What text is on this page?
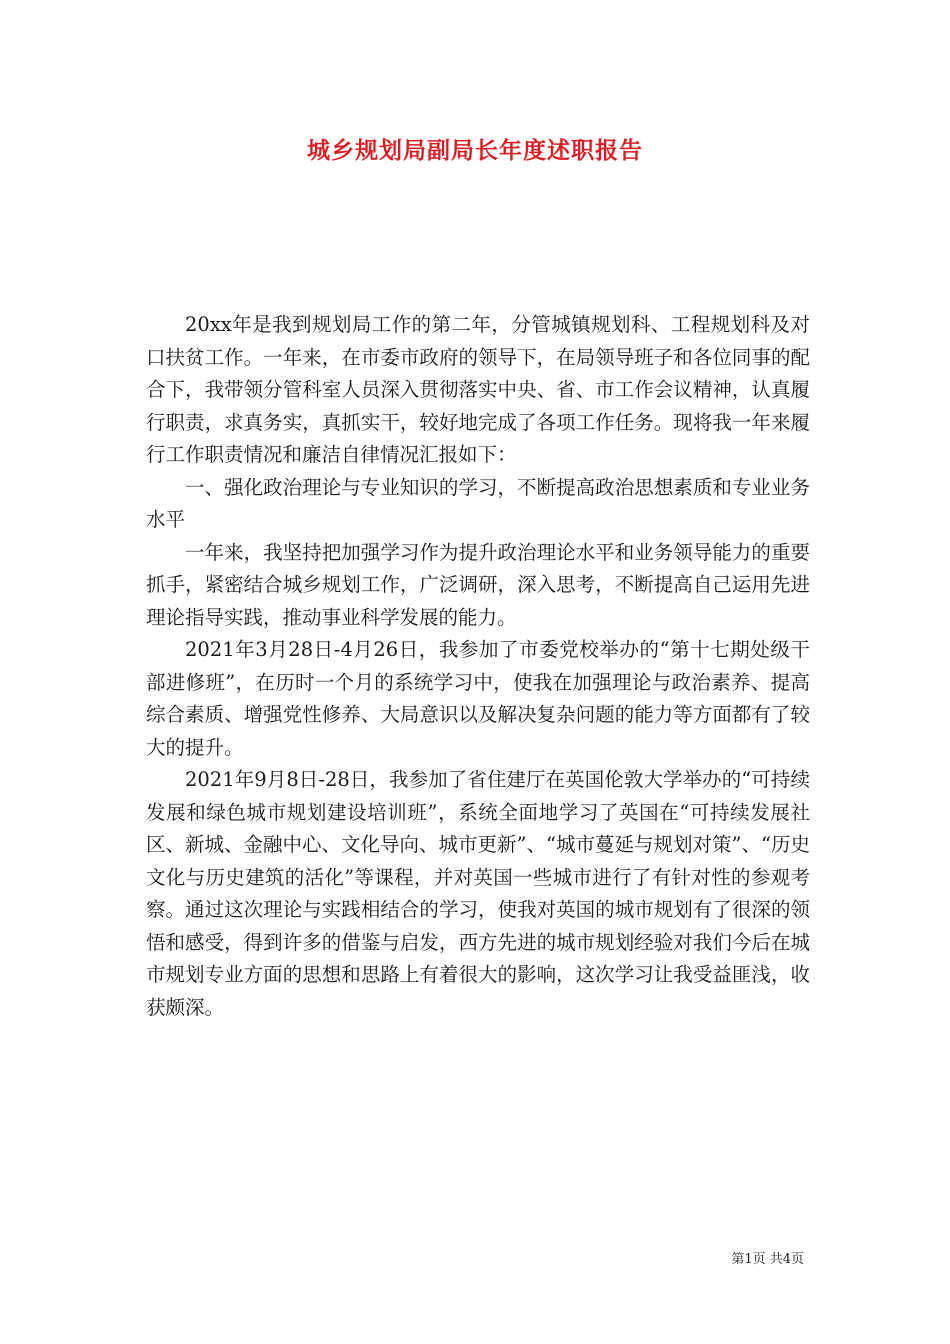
城乡规划局副局长年度述职报告

20xx年是我到规划局工作的第二年，分管城镇规划科、工程规划科及对口扶贫工作。一年来，在市委市政府的领导下，在局领导班子和各位同事的配合下，我带领分管科室人员深入贯彻落实中央、省、市工作会议精神，认真履行职责，求真务实，真抓实干，较好地完成了各项工作任务。现将我一年来履行工作职责情况和廉洁自律情况汇报如下：

一、强化政治理论与专业知识的学习，不断提高政治思想素质和专业业务水平

一年来，我坚持把加强学习作为提升政治理论水平和业务领导能力的重要抓手，紧密结合城乡规划工作，广泛调研，深入思考，不断提高自己运用先进理论指导实践，推动事业科学发展的能力。

2021年3月28日-4月26日，我参加了市委党校举办的“第十七期处级干部进修班”，在历时一个月的系统学习中，使我在加强理论与政治素养、提高综合素质、增强党性修养、大局意识以及解决复杂问题的能力等方面都有了较大的提升。

2021年9月8日-28日，我参加了省住建厅在英国伦敦大学举办的“可持续发展和绿色城市规划建设培训班”，系统全面地学习了英国在“可持续发展社区、新城、金融中心、文化导向、城市更新”、“城市蔓延与规划对策”、“历史文化与历史建筑的活化”等课程，并对英国一些城市进行了有针对性的参观考察。通过这次理论与实践相结合的学习，使我对英国的城市规划有了很深的领悟和感受，得到许多的借鉴与启发，西方先进的城市规划经验对我们今后在城市规划专业方面的思想和思路上有着很大的影响，这次学习让我受益匪浅，收获颇深。

第1页 共4页
